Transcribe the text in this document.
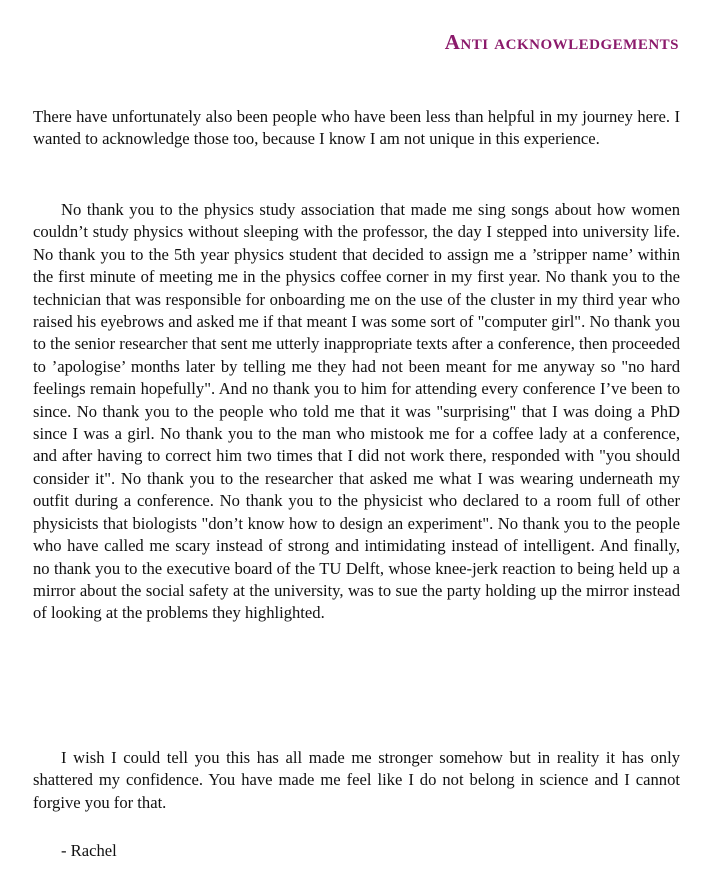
Anti acknowledgements

There have unfortunately also been people who have been less than helpful in my journey here. I wanted to acknowledge those too, because I know I am not unique in this experience.

No thank you to the physics study association that made me sing songs about how women couldn’t study physics without sleeping with the professor, the day I stepped into university life. No thank you to the 5th year physics student that decided to assign me a ’stripper name’ within the first minute of meeting me in the physics coffee corner in my first year. No thank you to the technician that was responsible for onboarding me on the use of the cluster in my third year who raised his eyebrows and asked me if that meant I was some sort of "computer girl". No thank you to the senior researcher that sent me utterly inappropriate texts after a conference, then proceeded to ’apologise’ months later by telling me they had not been meant for me anyway so "no hard feelings remain hopefully". And no thank you to him for attending every conference I’ve been to since. No thank you to the people who told me that it was "surprising" that I was doing a PhD since I was a girl. No thank you to the man who mistook me for a coffee lady at a conference, and after having to correct him two times that I did not work there, responded with "you should consider it". No thank you to the researcher that asked me what I was wearing underneath my outfit during a conference. No thank you to the physicist who declared to a room full of other physicists that biologists "don’t know how to design an experiment". No thank you to the people who have called me scary instead of strong and intimidating instead of intelligent. And finally, no thank you to the executive board of the TU Delft, whose knee-jerk reaction to being held up a mirror about the social safety at the university, was to sue the party holding up the mirror instead of looking at the problems they highlighted.

I wish I could tell you this has all made me stronger somehow but in reality it has only shattered my confidence. You have made me feel like I do not belong in science and I cannot forgive you for that.

- Rachel
